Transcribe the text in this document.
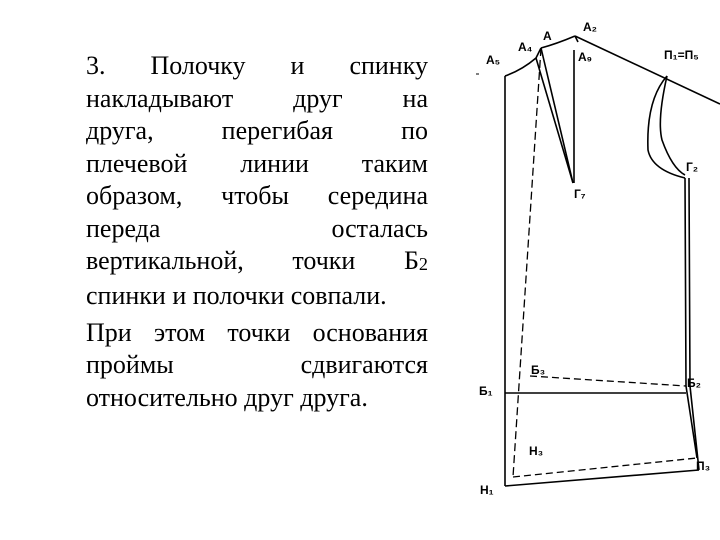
3. Полочку и спинку

накладывают друг на

друга, перегибая по

плечевой линии таким

образом, чтобы середина

переда осталась

вертикальной, точки $Б_2$

спинки и полочки совпали.

При этом точки основания

проймы сдвигаются

относительно друг друга.

А₂
А
А₄
А₅	А₉	П₁=П₅
Г₂
Г₇
Б₃
Б₁
Б₂
Н₃
Н₁
П₃
